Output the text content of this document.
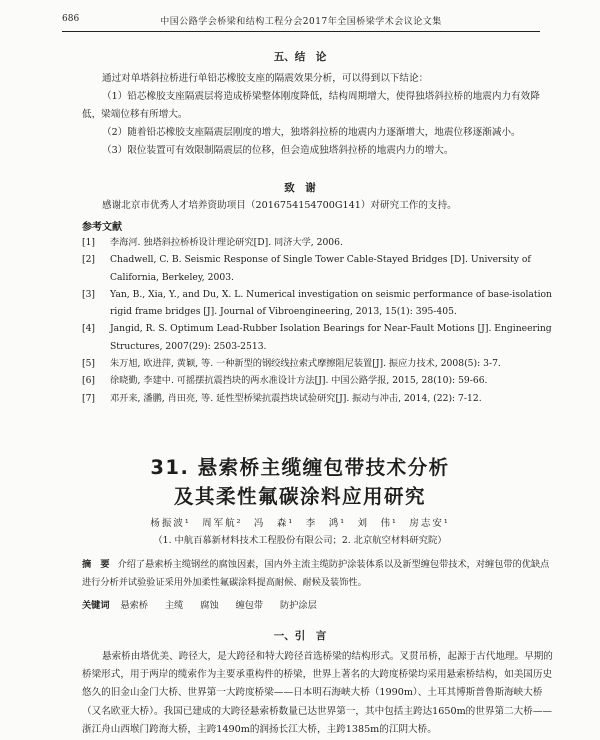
686	中国公路学会桥梁和结构工程分会2017年全国桥梁学术会议论文集
五、结　论

通过对单塔斜拉桥进行单铅芯橡胶支座的隔震效果分析，可以得到以下结论：

（1）铅芯橡胶支座隔震层将造成桥梁整体刚度降低，结构周期增大，使得独塔斜拉桥的地震内力有效降低，梁端位移有所增大。

（2）随着铅芯橡胶支座隔震层刚度的增大，独塔斜拉桥的地震内力逐渐增大，地震位移逐渐减小。

（3）限位装置可有效限制隔震层的位移，但会造成独塔斜拉桥的地震内力的增大。

致　谢

感谢北京市优秀人才培养资助项目（2016754154700G141）对研究工作的支持。

参考文献
[1]	李海河. 独塔斜拉桥桥设计理论研究[D]. 同济大学, 2006.
[2]	Chadwell, C. B. Seismic Response of Single Tower Cable-Stayed Bridges [D]. University of California, Berkeley, 2003.
[3]	Yan, B., Xia, Y., and Du, X. L. Numerical investigation on seismic performance of base-isolation rigid frame bridges [J]. Journal of Vibroengineering, 2013, 15(1): 395-405.
[4]	Jangid, R. S. Optimum Lead-Rubber Isolation Bearings for Near-Fault Motions [J]. Engineering Structures, 2007(29): 2503-2513.
[5]	朱万旭, 欧进萍, 黄颖, 等. 一种新型的钢绞线拉索式摩擦阻尼装置[J]. 振应力技术, 2008(5): 3-7.
[6]	徐晓勤, 李建中. 可摇摆抗震挡块的两水准设计方法[J]. 中国公路学报, 2015, 28(10): 59-66.
[7]	邓开来, 潘鹏, 肖田亮, 等. 延性型桥梁抗震挡块试验研究[J]. 振动与冲击, 2014, (22): 7-12.
31. 悬索桥主缆缠包带技术分析
及其柔性氟碳涂料应用研究
杨振波¹　周军航²　冯　森¹　李　鸿¹　刘　伟¹　房志安¹
（1. 中航百慕新材料技术工程股份有限公司；2. 北京航空材料研究院）

摘　要 介绍了悬索桥主缆钢丝的腐蚀因素，国内外主流主缆防护涂装体系以及新型缠包带技术，对缠包带的优缺点进行分析并试验验证采用外加柔性氟碳涂料提高耐候、耐候及装饰性。

关键词 悬索桥 主缆 腐蚀 缠包带 防护涂层
一、引　言

悬索桥由塔优美、跨径大，是大跨径和特大跨径首选桥梁的结构形式。叉贯吊桥，起源于古代地理。早期的桥梁形式，用于两岸的缆索作为主要承重构件的桥梁，世界上著名的大跨度桥梁均采用悬索桥结构，如美国历史悠久的旧金山金门大桥、世界第一大跨度桥梁——日本明石海峡大桥（1990m）、土耳其博斯普鲁斯海峡大桥（又名欧亚大桥）。我国已建成的大跨径悬索桥数量已达世界第一，其中包括主跨达1650m的世界第二大桥——浙江舟山西堠门跨海大桥，主跨1490m的润扬长江大桥，主跨1385m的江阴大桥。
